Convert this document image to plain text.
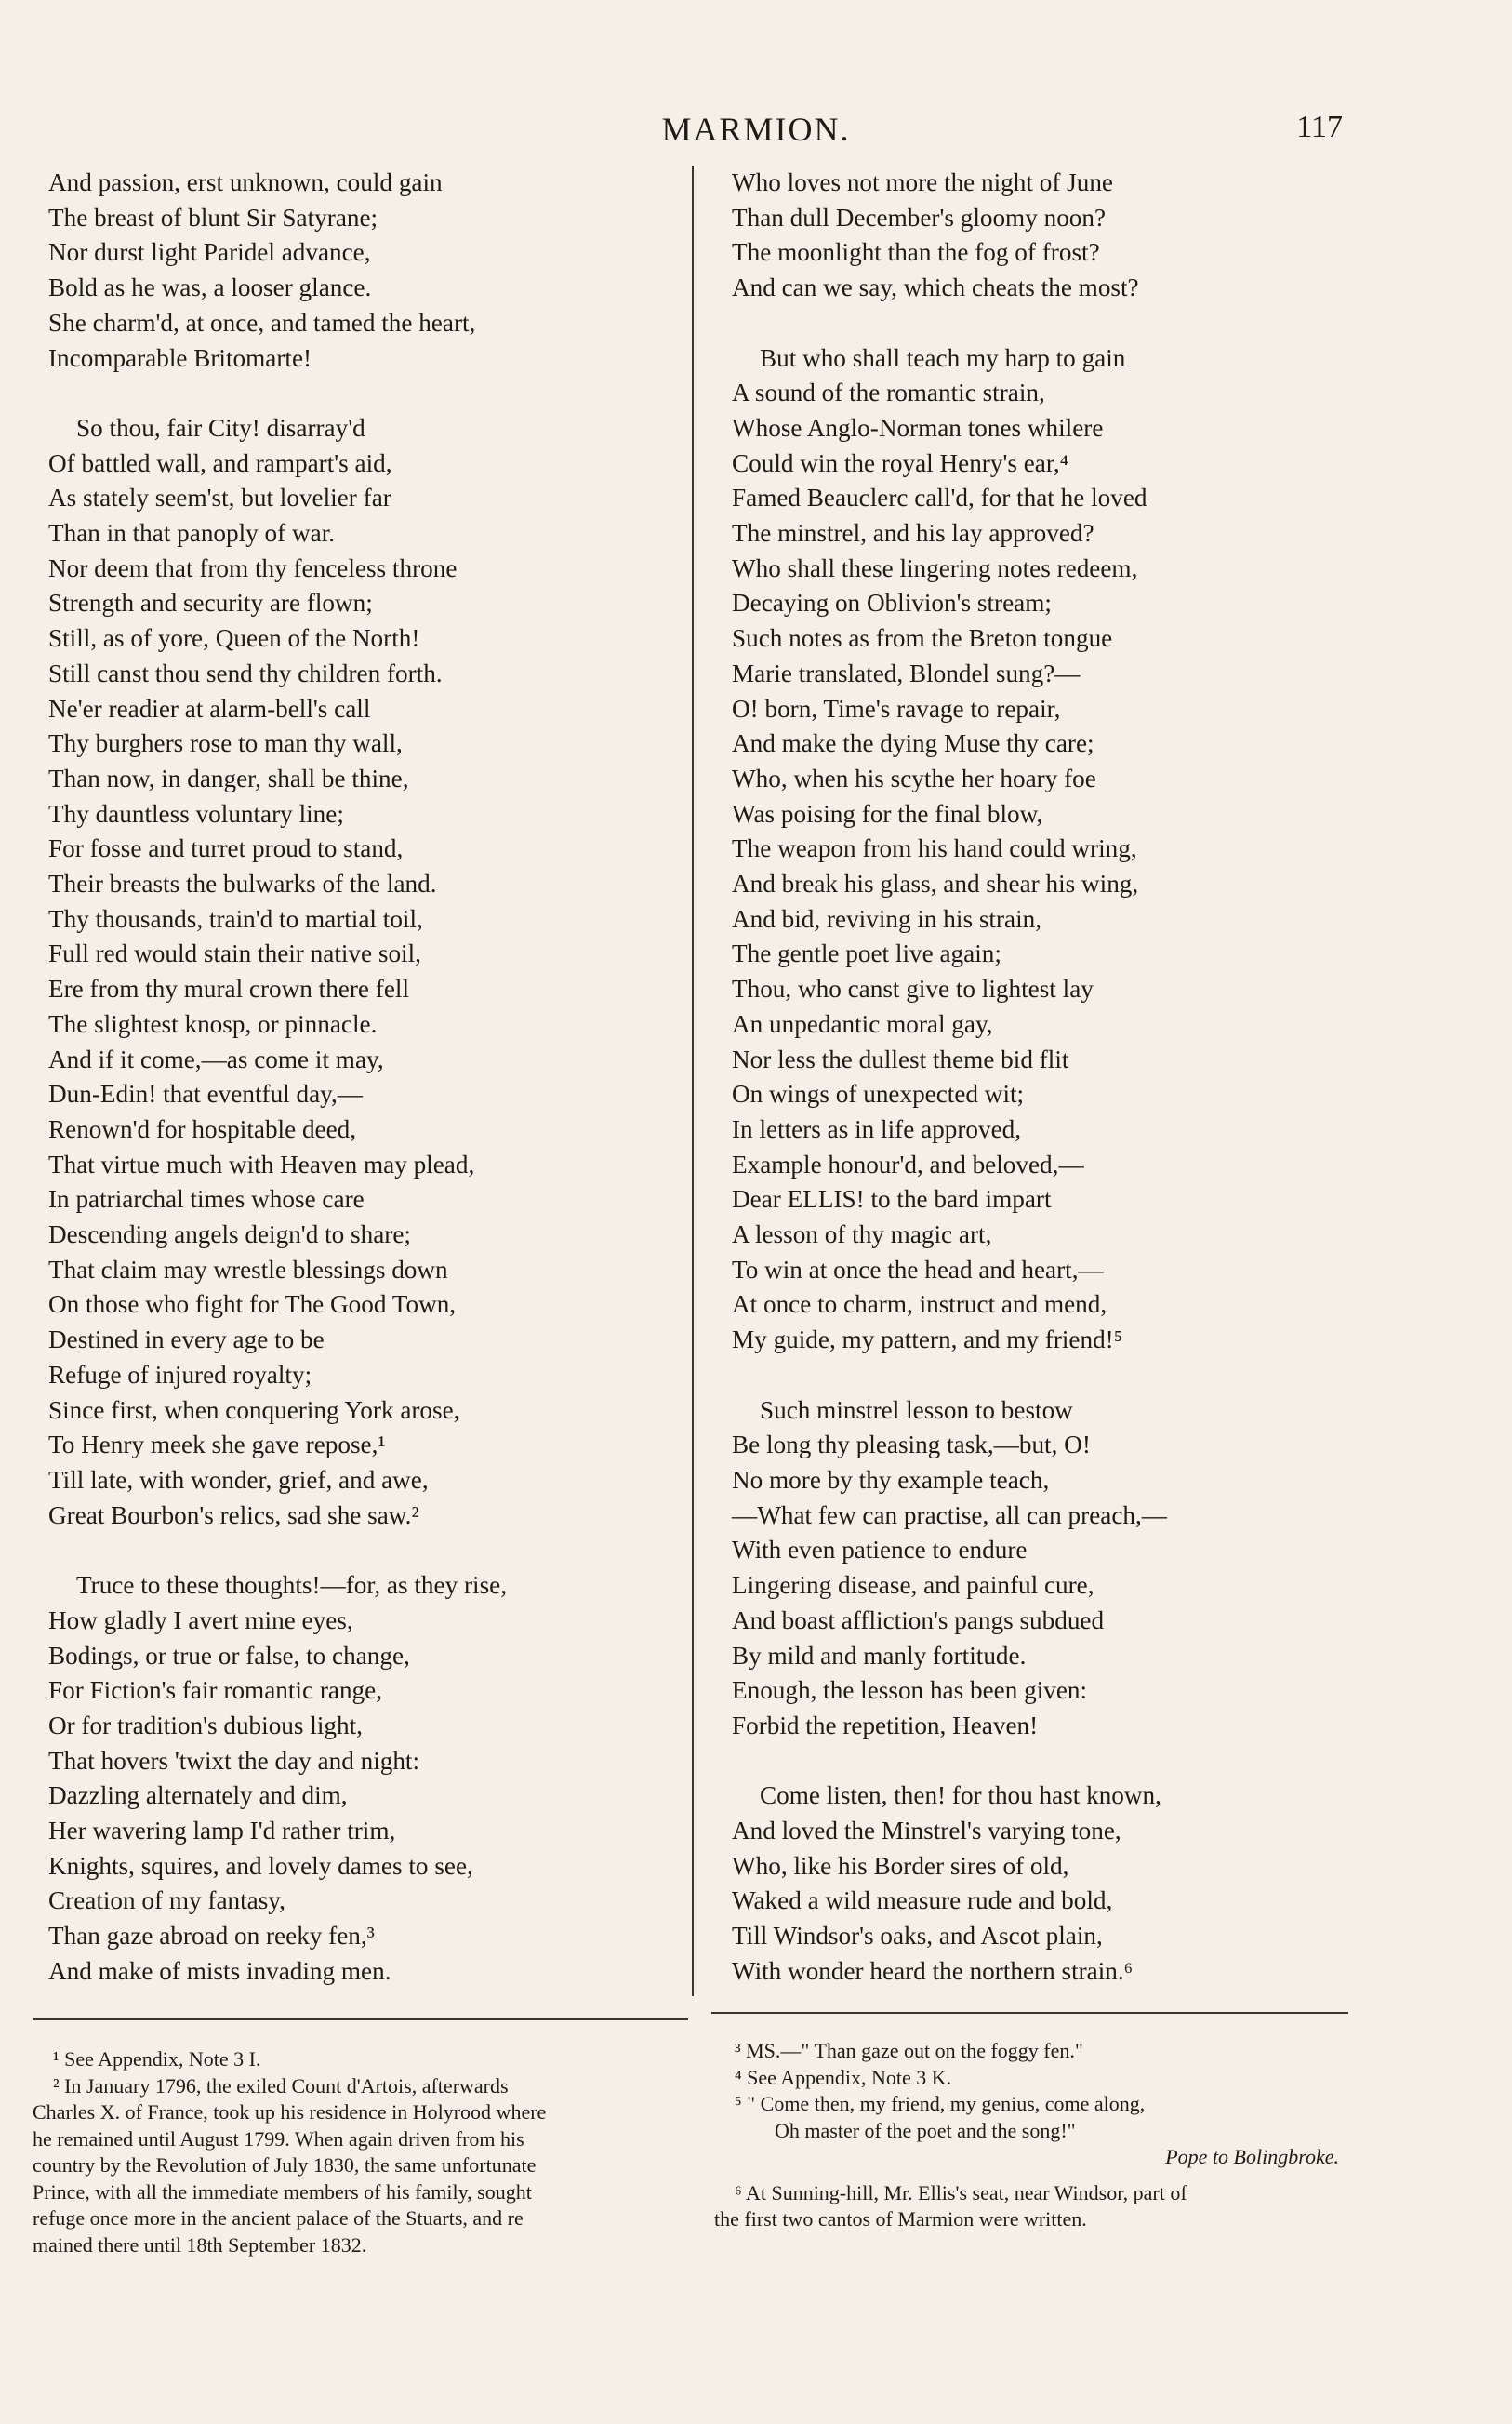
MARMION.	117
And passion, erst unknown, could gain
The breast of blunt Sir Satyrane;
Nor durst light Paridel advance,
Bold as he was, a looser glance.
She charm'd, at once, and tamed the heart,
Incomparable Britomarte!
So thou, fair City! disarray'd
Of battled wall, and rampart's aid,
As stately seem'st, but lovelier far
Than in that panoply of war.
Nor deem that from thy fenceless throne
Strength and security are flown;
Still, as of yore, Queen of the North!
Still canst thou send thy children forth.
Ne'er readier at alarm-bell's call
Thy burghers rose to man thy wall,
Than now, in danger, shall be thine,
Thy dauntless voluntary line;
For fosse and turret proud to stand,
Their breasts the bulwarks of the land.
Thy thousands, train'd to martial toil,
Full red would stain their native soil,
Ere from thy mural crown there fell
The slightest knosp, or pinnacle.
And if it come,—as come it may,
Dun-Edin! that eventful day,—
Renown'd for hospitable deed,
That virtue much with Heaven may plead,
In patriarchal times whose care
Descending angels deign'd to share;
That claim may wrestle blessings down
On those who fight for The Good Town,
Destined in every age to be
Refuge of injured royalty;
Since first, when conquering York arose,
To Henry meek she gave repose,¹
Till late, with wonder, grief, and awe,
Great Bourbon's relics, sad she saw.²
Truce to these thoughts!—for, as they rise,
How gladly I avert mine eyes,
Bodings, or true or false, to change,
For Fiction's fair romantic range,
Or for tradition's dubious light,
That hovers 'twixt the day and night:
Dazzling alternately and dim,
Her wavering lamp I'd rather trim,
Knights, squires, and lovely dames to see,
Creation of my fantasy,
Than gaze abroad on reeky fen,³
And make of mists invading men.
Who loves not more the night of June
Than dull December's gloomy noon?
The moonlight than the fog of frost?
And can we say, which cheats the most?
But who shall teach my harp to gain
A sound of the romantic strain,
Whose Anglo-Norman tones whilere
Could win the royal Henry's ear,⁴
Famed Beauclerc call'd, for that he loved
The minstrel, and his lay approved?
Who shall these lingering notes redeem,
Decaying on Oblivion's stream;
Such notes as from the Breton tongue
Marie translated, Blondel sung?—
O! born, Time's ravage to repair,
And make the dying Muse thy care;
Who, when his scythe her hoary foe
Was poising for the final blow,
The weapon from his hand could wring,
And break his glass, and shear his wing,
And bid, reviving in his strain,
The gentle poet live again;
Thou, who canst give to lightest lay
An unpedantic moral gay,
Nor less the dullest theme bid flit
On wings of unexpected wit;
In letters as in life approved,
Example honour'd, and beloved,—
Dear ELLIS! to the bard impart
A lesson of thy magic art,
To win at once the head and heart,—
At once to charm, instruct and mend,
My guide, my pattern, and my friend!⁵
Such minstrel lesson to bestow
Be long thy pleasing task,—but, O!
No more by thy example teach,
—What few can practise, all can preach,—
With even patience to endure
Lingering disease, and painful cure,
And boast affliction's pangs subdued
By mild and manly fortitude.
Enough, the lesson has been given:
Forbid the repetition, Heaven!
Come listen, then! for thou hast known,
And loved the Minstrel's varying tone,
Who, like his Border sires of old,
Waked a wild measure rude and bold,
Till Windsor's oaks, and Ascot plain,
With wonder heard the northern strain.⁶
¹ See Appendix, Note 3 I.
² In January 1796, the exiled Count d'Artois, afterwards
Charles X. of France, took up his residence in Holyrood where
he remained until August 1799. When again driven from his
country by the Revolution of July 1830, the same unfortunate
Prince, with all the immediate members of his family, sought
refuge once more in the ancient palace of the Stuarts, and re
mained there until 18th September 1832.
³ MS.—" Than gaze out on the foggy fen."
⁴ See Appendix, Note 3 K.
⁵ " Come then, my friend, my genius, come along,
Oh master of the poet and the song!"
Pope to Bolingbroke.
⁶ At Sunning-hill, Mr. Ellis's seat, near Windsor, part of
the first two cantos of Marmion were written.
